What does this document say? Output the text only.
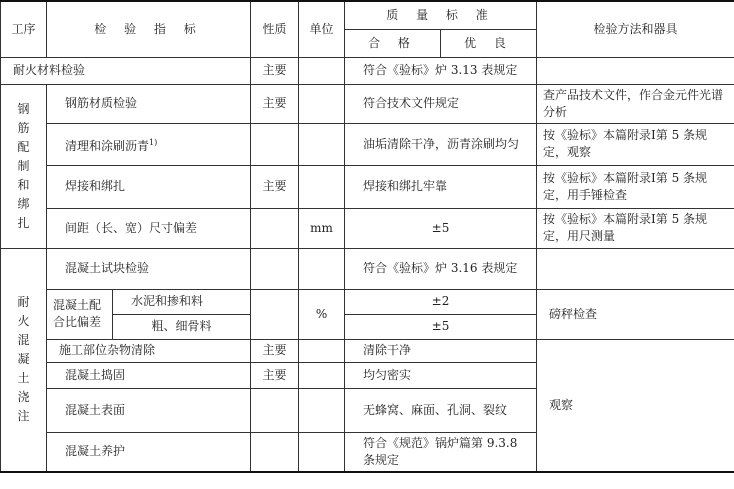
工序	检 验 指 标		性质	单位	质 量 标 准		检验方法和器具
					合 格	优 良	
耐火材料检验			主要		符合《验标》炉 3.13 表规定		

钢筋配制和绑扎	钢筋材质检验		主要		符合技术文件规定		查产品技术文件，作合金元件光谱分析
	清理和涂刷沥青$^{1)}$				油垢清除干净，沥青涂刷均匀		按《验标》本篇附录Ⅰ第 5 条规定，观察
	焊接和绑扎		主要		焊接和绑扎牢靠		按《验标》本篇附录Ⅰ第 5 条规定，用手锤检查
	间距（长、宽）尺寸偏差			mm	±5		按《验标》本篇附录Ⅰ第 5 条规定，用尺测量

耐火混凝土浇注	混凝土试块检验				符合《验标》炉 3.16 表规定		
	混凝土配合比偏差	水泥和掺和料		%	±2		磅秤检查
		粗、细骨料			±5		
	施工部位杂物清除		主要		清除干净		观察
	混凝土捣固		主要		均匀密实		
	混凝土表面				无蜂窝、麻面、孔洞、裂纹		
	混凝土养护				符合《规范》锅炉篇第 9.3.8 条规定		
